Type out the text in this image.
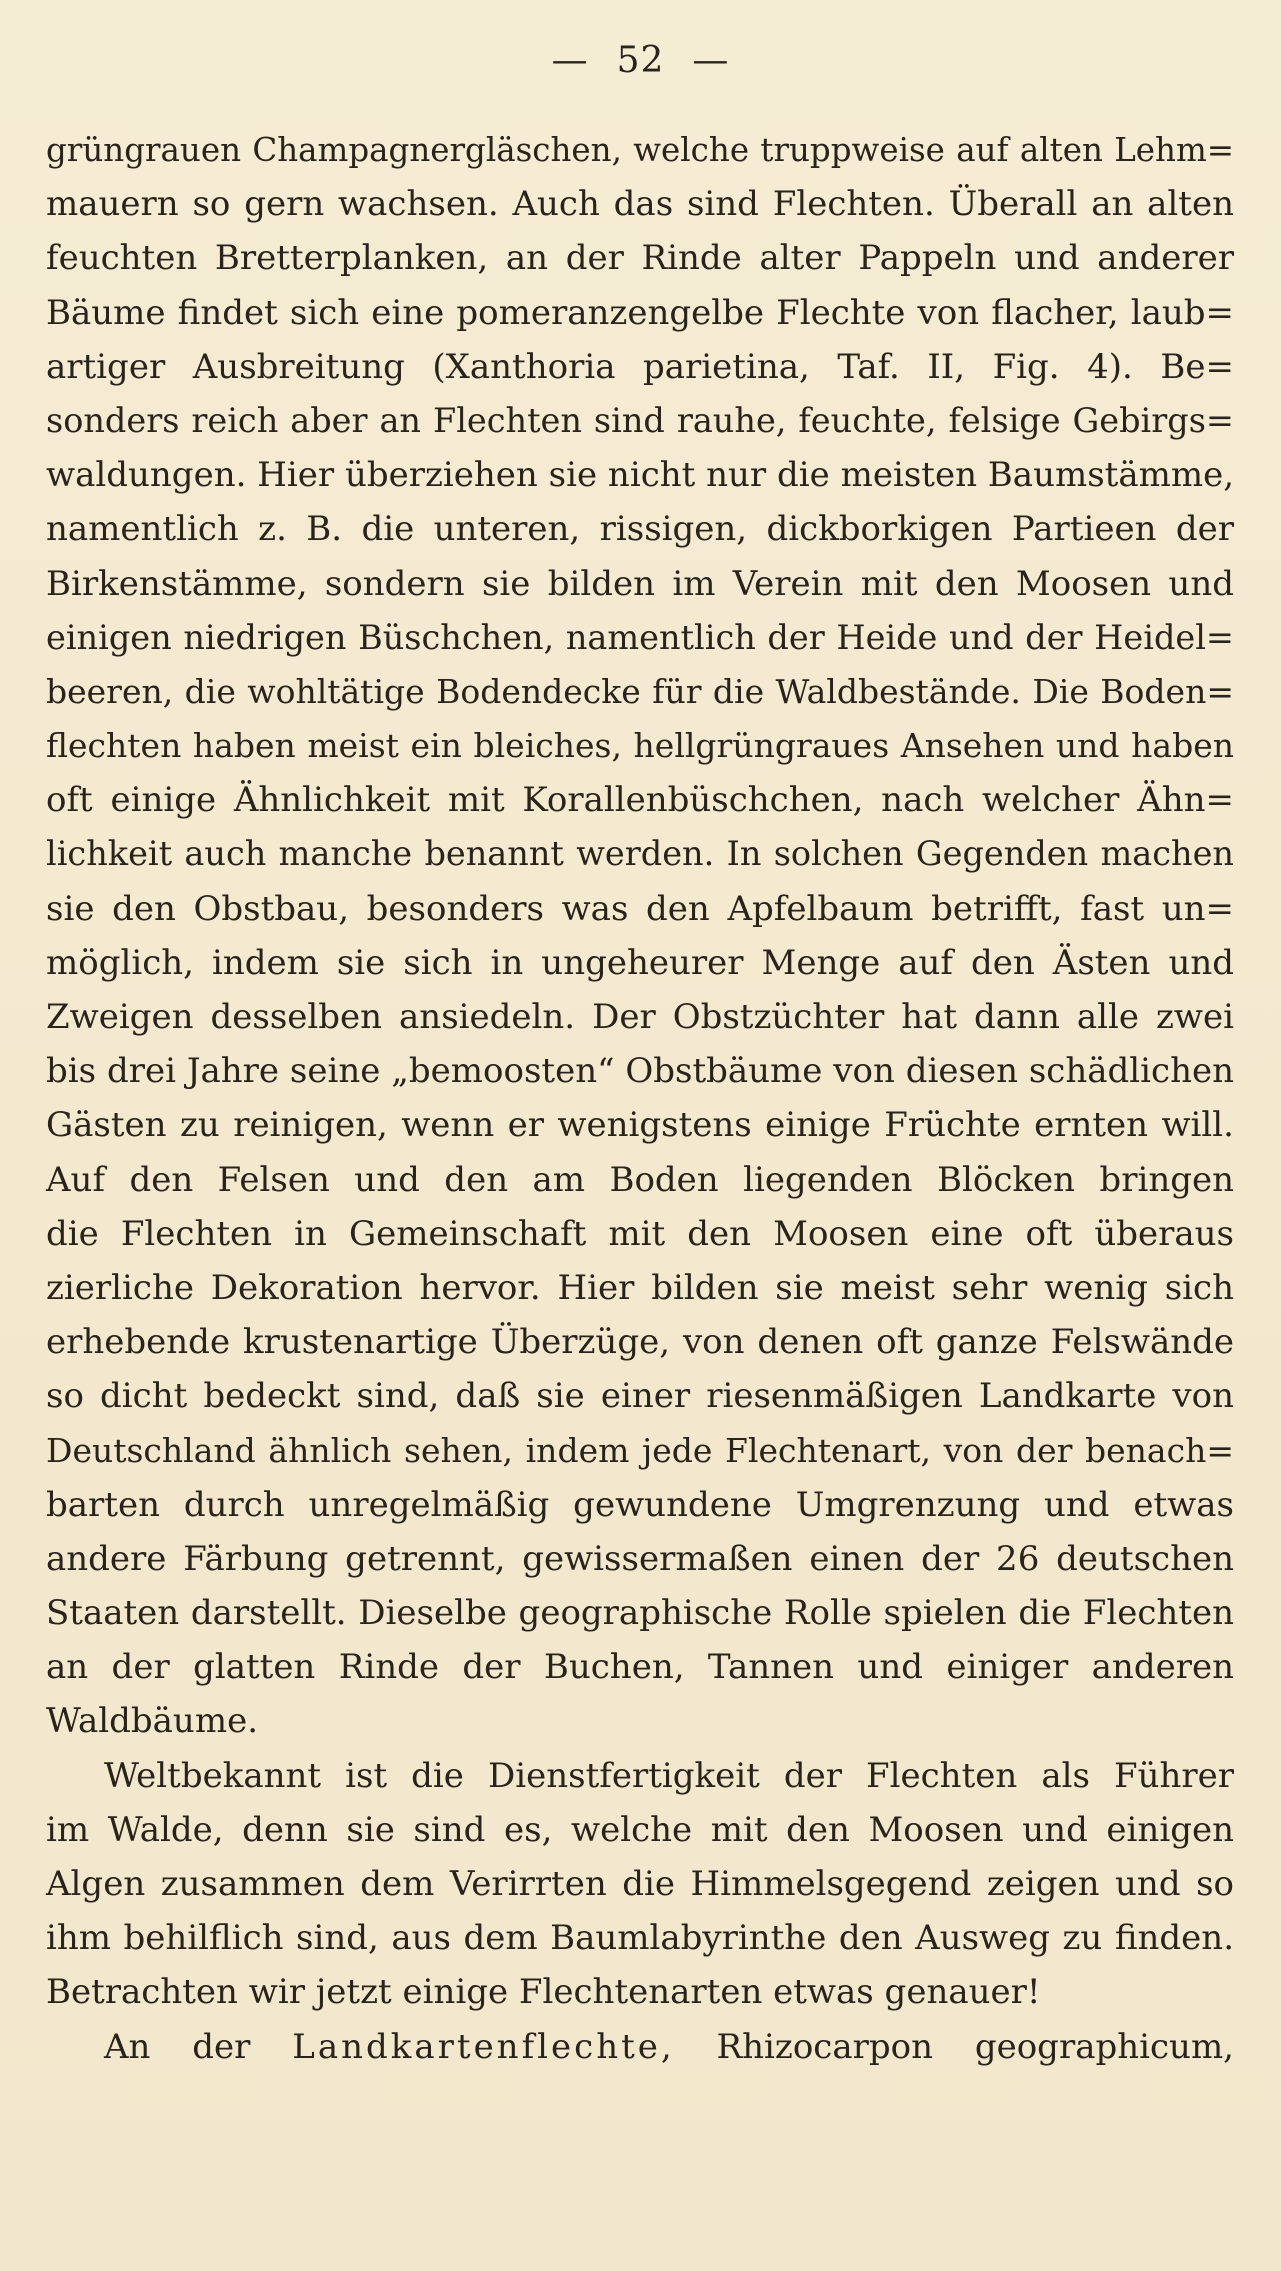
— 52 —
grüngrauen Champagnergläschen, welche truppweise auf alten Lehm=
mauern so gern wachsen. Auch das sind Flechten. Überall an alten
feuchten Bretterplanken, an der Rinde alter Pappeln und anderer
Bäume findet sich eine pomeranzengelbe Flechte von flacher, laub=
artiger Ausbreitung (Xanthoria parietina, Taf. II, Fig. 4). Be=
sonders reich aber an Flechten sind rauhe, feuchte, felsige Gebirgs=
waldungen. Hier überziehen sie nicht nur die meisten Baumstämme,
namentlich z. B. die unteren, rissigen, dickborkigen Partieen der
Birkenstämme, sondern sie bilden im Verein mit den Moosen und
einigen niedrigen Büschchen, namentlich der Heide und der Heidel=
beeren, die wohltätige Bodendecke für die Waldbestände. Die Boden=
flechten haben meist ein bleiches, hellgrüngraues Ansehen und haben
oft einige Ähnlichkeit mit Korallenbüschchen, nach welcher Ähn=
lichkeit auch manche benannt werden. In solchen Gegenden machen
sie den Obstbau, besonders was den Apfelbaum betrifft, fast un=
möglich, indem sie sich in ungeheurer Menge auf den Ästen und
Zweigen desselben ansiedeln. Der Obstzüchter hat dann alle zwei
bis drei Jahre seine „bemoosten“ Obstbäume von diesen schädlichen
Gästen zu reinigen, wenn er wenigstens einige Früchte ernten will.
Auf den Felsen und den am Boden liegenden Blöcken bringen
die Flechten in Gemeinschaft mit den Moosen eine oft überaus
zierliche Dekoration hervor. Hier bilden sie meist sehr wenig sich
erhebende krustenartige Überzüge, von denen oft ganze Felswände
so dicht bedeckt sind, daß sie einer riesenmäßigen Landkarte von
Deutschland ähnlich sehen, indem jede Flechtenart, von der benach=
barten durch unregelmäßig gewundene Umgrenzung und etwas
andere Färbung getrennt, gewissermaßen einen der 26 deutschen
Staaten darstellt. Dieselbe geographische Rolle spielen die Flechten
an der glatten Rinde der Buchen, Tannen und einiger anderen
Waldbäume.
Weltbekannt ist die Dienstfertigkeit der Flechten als Führer
im Walde, denn sie sind es, welche mit den Moosen und einigen
Algen zusammen dem Verirrten die Himmelsgegend zeigen und so
ihm behilflich sind, aus dem Baumlabyrinthe den Ausweg zu finden.
Betrachten wir jetzt einige Flechtenarten etwas genauer!
An der Landkartenflechte, Rhizocarpon geographicum,
